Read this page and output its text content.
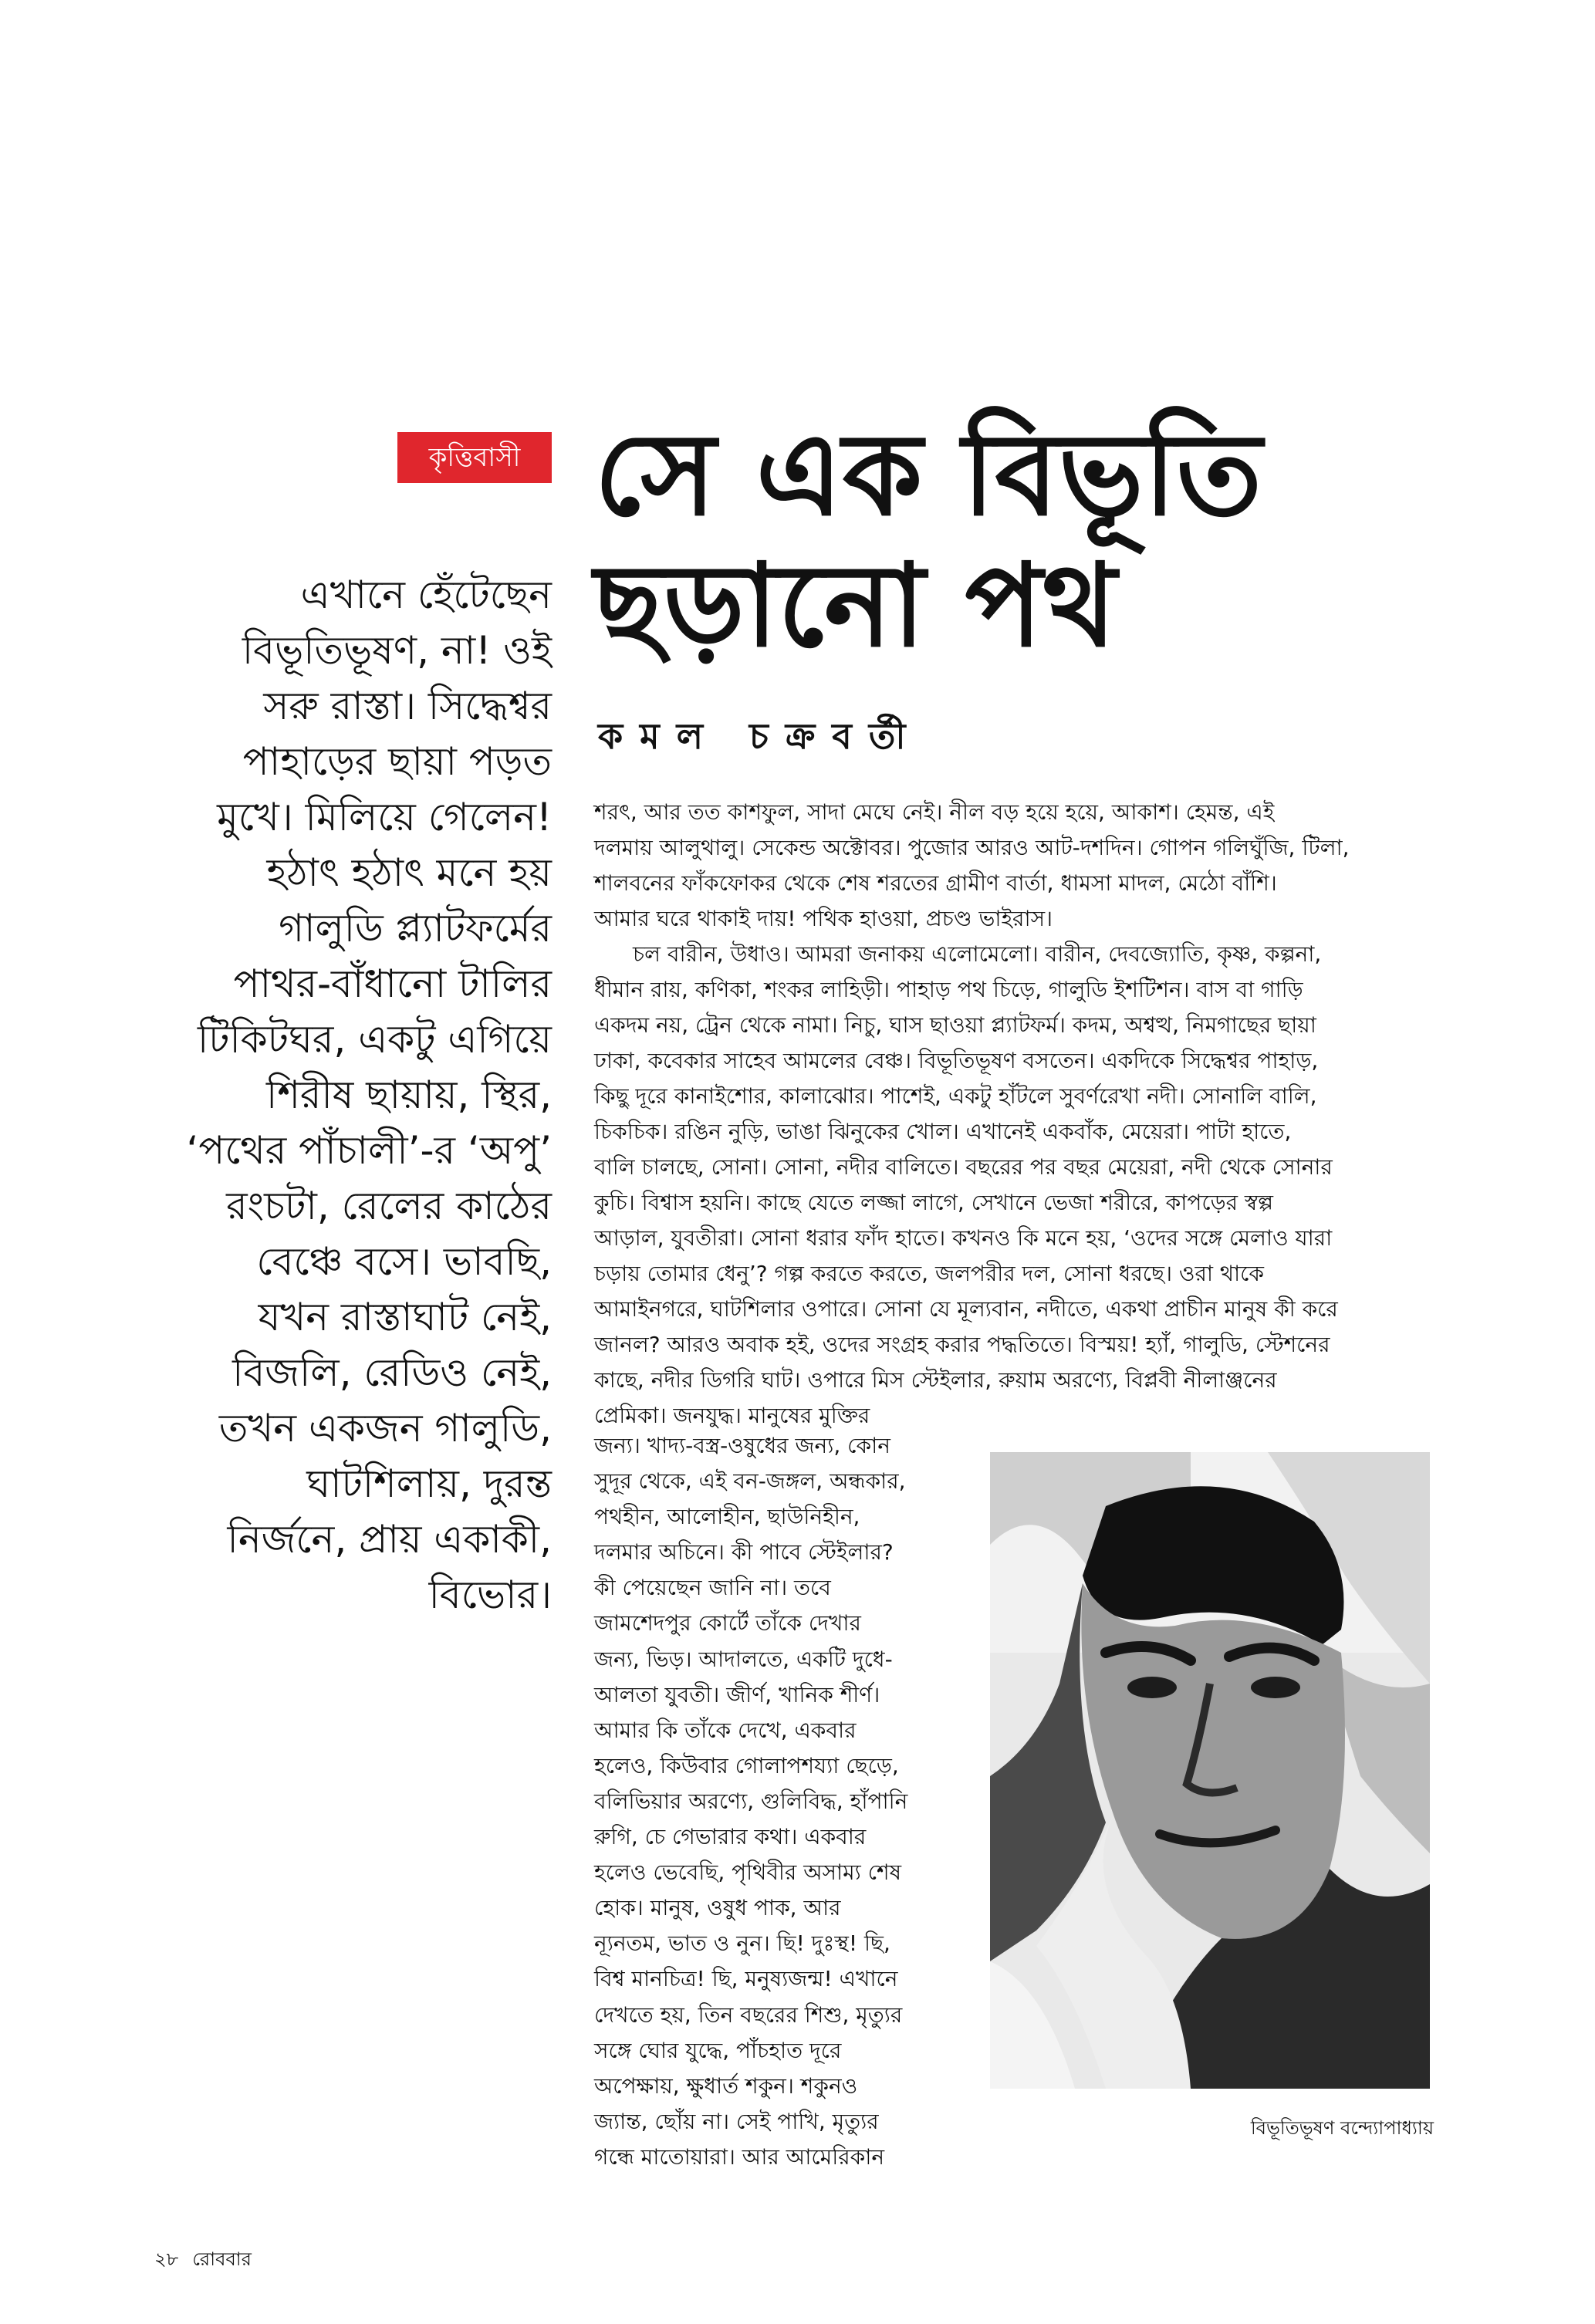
কৃত্তিবাসী সে এক বিভূতি
ছড়ানো পথ
কমল চক্রবর্তী
এখানে হেঁটেছেন
বিভূতিভূষণ, না! ওই
সরু রাস্তা। সিদ্ধেশ্বর
পাহাড়ের ছায়া পড়ত
মুখে। মিলিয়ে গেলেন!
হঠাৎ হঠাৎ মনে হয়
গালুডি প্ল্যাটফর্মের
পাথর-বাঁধানো টালির
টিকিটঘর, একটু এগিয়ে
শিরীষ ছায়ায়, স্থির,
‘পথের পাঁচালী’-র ‘অপু’
রংচটা, রেলের কাঠের
বেঞ্চে বসে। ভাবছি,
যখন রাস্তাঘাট নেই,
বিজলি, রেডিও নেই,
তখন একজন গালুডি,
ঘাটশিলায়, দুরন্ত
নির্জনে, প্রায় একাকী,
বিভোর।
শরৎ, আর তত কাশফুল, সাদা মেঘে নেই। নীল বড় হয়ে হয়ে, আকাশ। হেমন্ত, এই
দলমায় আলুথালু। সেকেন্ড অক্টোবর। পুজোর আরও আট-দশদিন। গোপন গলিঘুঁজি, টিলা,
শালবনের ফাঁকফোকর থেকে শেষ শরতের গ্রামীণ বার্তা, ধামসা মাদল, মেঠো বাঁশি।
আমার ঘরে থাকাই দায়! পথিক হাওয়া, প্রচণ্ড ভাইরাস।
চল বারীন, উধাও। আমরা জনাকয় এলোমেলো। বারীন, দেবজ্যোতি, কৃষ্ণ, কল্পনা,
ধীমান রায়, কণিকা, শংকর লাহিড়ী। পাহাড় পথ চিড়ে, গালুডি ইশটিশন। বাস বা গাড়ি
একদম নয়, ট্রেন থেকে নামা। নিচু, ঘাস ছাওয়া প্ল্যাটফর্ম। কদম, অশ্বত্থ, নিমগাছের ছায়া
ঢাকা, কবেকার সাহেব আমলের বেঞ্চ। বিভূতিভূষণ বসতেন। একদিকে সিদ্ধেশ্বর পাহাড়,
কিছু দূরে কানাইশোর, কালাঝোর। পাশেই, একটু হাঁটলে সুবর্ণরেখা নদী। সোনালি বালি,
চিকচিক। রঙিন নুড়ি, ভাঙা ঝিনুকের খোল। এখানেই একবাঁক, মেয়েরা। পাটা হাতে,
বালি চালছে, সোনা। সোনা, নদীর বালিতে। বছরের পর বছর মেয়েরা, নদী থেকে সোনার
কুচি। বিশ্বাস হয়নি। কাছে যেতে লজ্জা লাগে, সেখানে ভেজা শরীরে, কাপড়ের স্বল্প
আড়াল, যুবতীরা। সোনা ধরার ফাঁদ হাতে। কখনও কি মনে হয়, ‘ওদের সঙ্গে মেলাও যারা
চড়ায় তোমার ধেনু’? গল্প করতে করতে, জলপরীর দল, সোনা ধরছে। ওরা থাকে
আমাইনগরে, ঘাটশিলার ওপারে। সোনা যে মূল্যবান, নদীতে, একথা প্রাচীন মানুষ কী করে
জানল? আরও অবাক হই, ওদের সংগ্রহ করার পদ্ধতিতে। বিস্ময়! হ্যাঁ, গালুডি, স্টেশনের
কাছে, নদীর ডিগরি ঘাট। ওপারে মিস স্টেইলার, রুয়াম অরণ্যে, বিপ্লবী নীলাঞ্জনের
প্রেমিকা। জনযুদ্ধ। মানুষের মুক্তির
জন্য। খাদ্য-বস্ত্র-ওষুধের জন্য, কোন
সুদূর থেকে, এই বন-জঙ্গল, অন্ধকার,
পথহীন, আলোহীন, ছাউনিহীন,
দলমার অচিনে। কী পাবে স্টেইলার?
কী পেয়েছেন জানি না। তবে
জামশেদপুর কোর্টে তাঁকে দেখার
জন্য, ভিড়। আদালতে, একটি দুধে-
আলতা যুবতী। জীর্ণ, খানিক শীর্ণ।
আমার কি তাঁকে দেখে, একবার
হলেও, কিউবার গোলাপশয্যা ছেড়ে,
বলিভিয়ার অরণ্যে, গুলিবিদ্ধ, হাঁপানি
রুগি, চে গেভারার কথা। একবার
হলেও ভেবেছি, পৃথিবীর অসাম্য শেষ
হোক। মানুষ, ওষুধ পাক, আর
ন্যূনতম, ভাত ও নুন। ছি! দুঃস্থ! ছি,
বিশ্ব মানচিত্র! ছি, মনুষ্যজন্ম! এখানে
দেখতে হয়, তিন বছরের শিশু, মৃত্যুর
সঙ্গে ঘোর যুদ্ধে, পাঁচহাত দূরে
অপেক্ষায়, ক্ষুধার্ত শকুন। শকুনও
জ্যান্ত, ছোঁয় না। সেই পাখি, মৃত্যুর
গন্ধে মাতোয়ারা। আর আমেরিকান
বিভূতিভূষণ বন্দ্যোপাধ্যায়
২৮ রোববার
